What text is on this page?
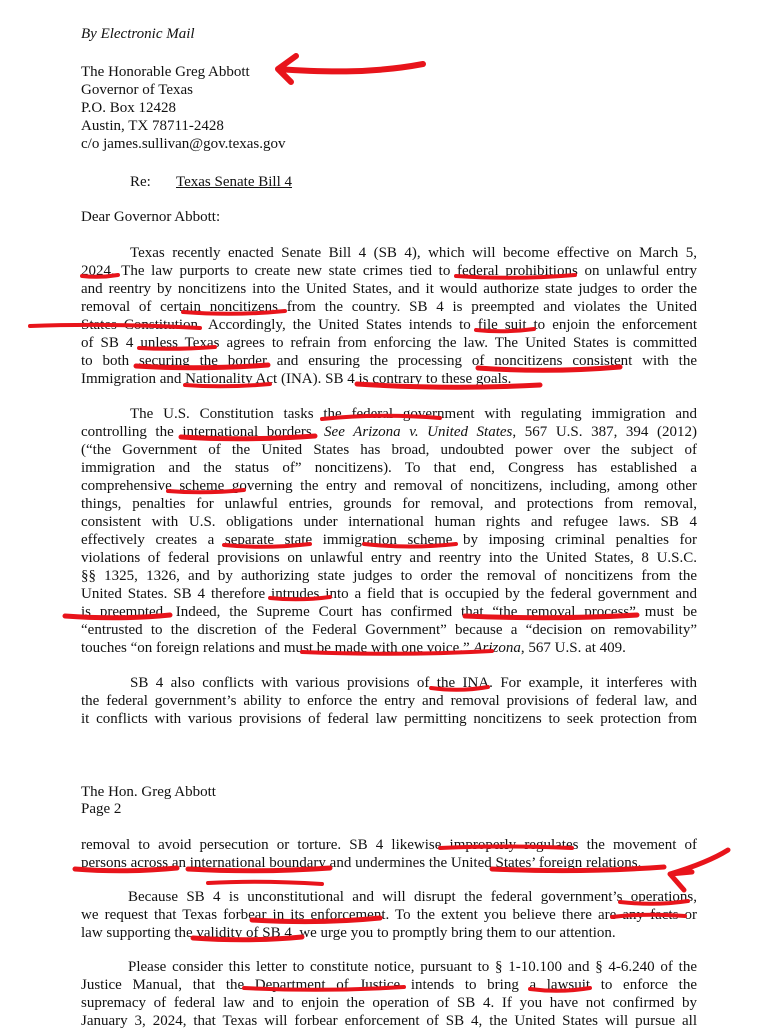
By Electronic Mail
The Honorable Greg Abbott
Governor of Texas
P.O. Box 12428
Austin, TX 78711-2428
c/o james.sullivan@gov.texas.gov
Re: Texas Senate Bill 4
Dear Governor Abbott:
Texas recently enacted Senate Bill 4 (SB 4), which will become effective on March 5,
2024. The law purports to create new state crimes tied to federal prohibitions on unlawful entry
and reentry by noncitizens into the United States, and it would authorize state judges to order the
removal of certain noncitizens from the country. SB 4 is preempted and violates the United
States Constitution. Accordingly, the United States intends to file suit to enjoin the enforcement
of SB 4 unless Texas agrees to refrain from enforcing the law. The United States is committed
to both securing the border and ensuring the processing of noncitizens consistent with the
Immigration and Nationality Act (INA). SB 4 is contrary to these goals.
The U.S. Constitution tasks the federal government with regulating immigration and
controlling the international borders. See Arizona v. United States, 567 U.S. 387, 394 (2012)
(“the Government of the United States has broad, undoubted power over the subject of
immigration and the status of” noncitizens). To that end, Congress has established a
comprehensive scheme governing the entry and removal of noncitizens, including, among other
things, penalties for unlawful entries, grounds for removal, and protections from removal,
consistent with U.S. obligations under international human rights and refugee laws. SB 4
effectively creates a separate state immigration scheme by imposing criminal penalties for
violations of federal provisions on unlawful entry and reentry into the United States, 8 U.S.C.
§§ 1325, 1326, and by authorizing state judges to order the removal of noncitizens from the
United States. SB 4 therefore intrudes into a field that is occupied by the federal government and
is preempted. Indeed, the Supreme Court has confirmed that “the removal process” must be
“entrusted to the discretion of the Federal Government” because a “decision on removability”
touches “on foreign relations and must be made with one voice.” Arizona, 567 U.S. at 409.
SB 4 also conflicts with various provisions of the INA. For example, it interferes with
the federal government’s ability to enforce the entry and removal provisions of federal law, and
it conflicts with various provisions of federal law permitting noncitizens to seek protection from
The Hon. Greg Abbott
Page 2
removal to avoid persecution or torture. SB 4 likewise improperly regulates the movement of
persons across an international boundary and undermines the United States’ foreign relations.
Because SB 4 is unconstitutional and will disrupt the federal government’s operations,
we request that Texas forbear in its enforcement. To the extent you believe there are any facts or
law supporting the validity of SB 4, we urge you to promptly bring them to our attention.
Please consider this letter to constitute notice, pursuant to § 1-10.100 and § 4-6.240 of the
Justice Manual, that the Department of Justice intends to bring a lawsuit to enforce the
supremacy of federal law and to enjoin the operation of SB 4. If you have not confirmed by
January 3, 2024, that Texas will forbear enforcement of SB 4, the United States will pursue all
